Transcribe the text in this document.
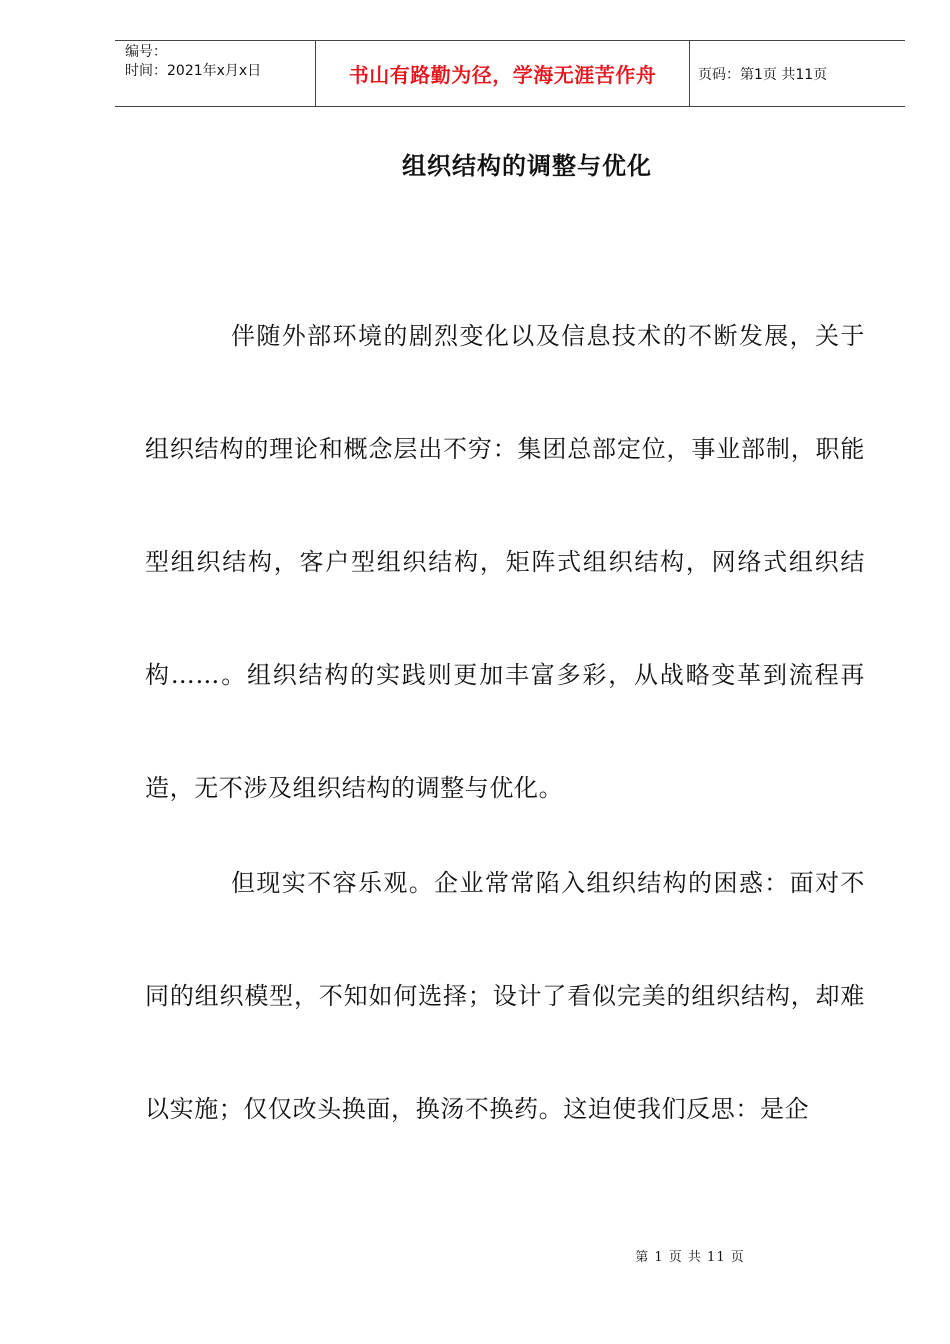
编号：
时间：2021年x月x日	书山有路勤为径，学海无涯苦作舟	页码：第1页 共11页
组织结构的调整与优化

伴随外部环境的剧烈变化以及信息技术的不断发展，关于组织结构的理论和概念层出不穷：集团总部定位，事业部制，职能型组织结构，客户型组织结构，矩阵式组织结构，网络式组织结构……。组织结构的实践则更加丰富多彩，从战略变革到流程再造，无不涉及组织结构的调整与优化。

但现实不容乐观。企业常常陷入组织结构的困惑：面对不同的组织模型，不知如何选择；设计了看似完美的组织结构，却难以实施；仅仅改头换面，换汤不换药。这迫使我们反思：是企

第 1 页 共 11 页
